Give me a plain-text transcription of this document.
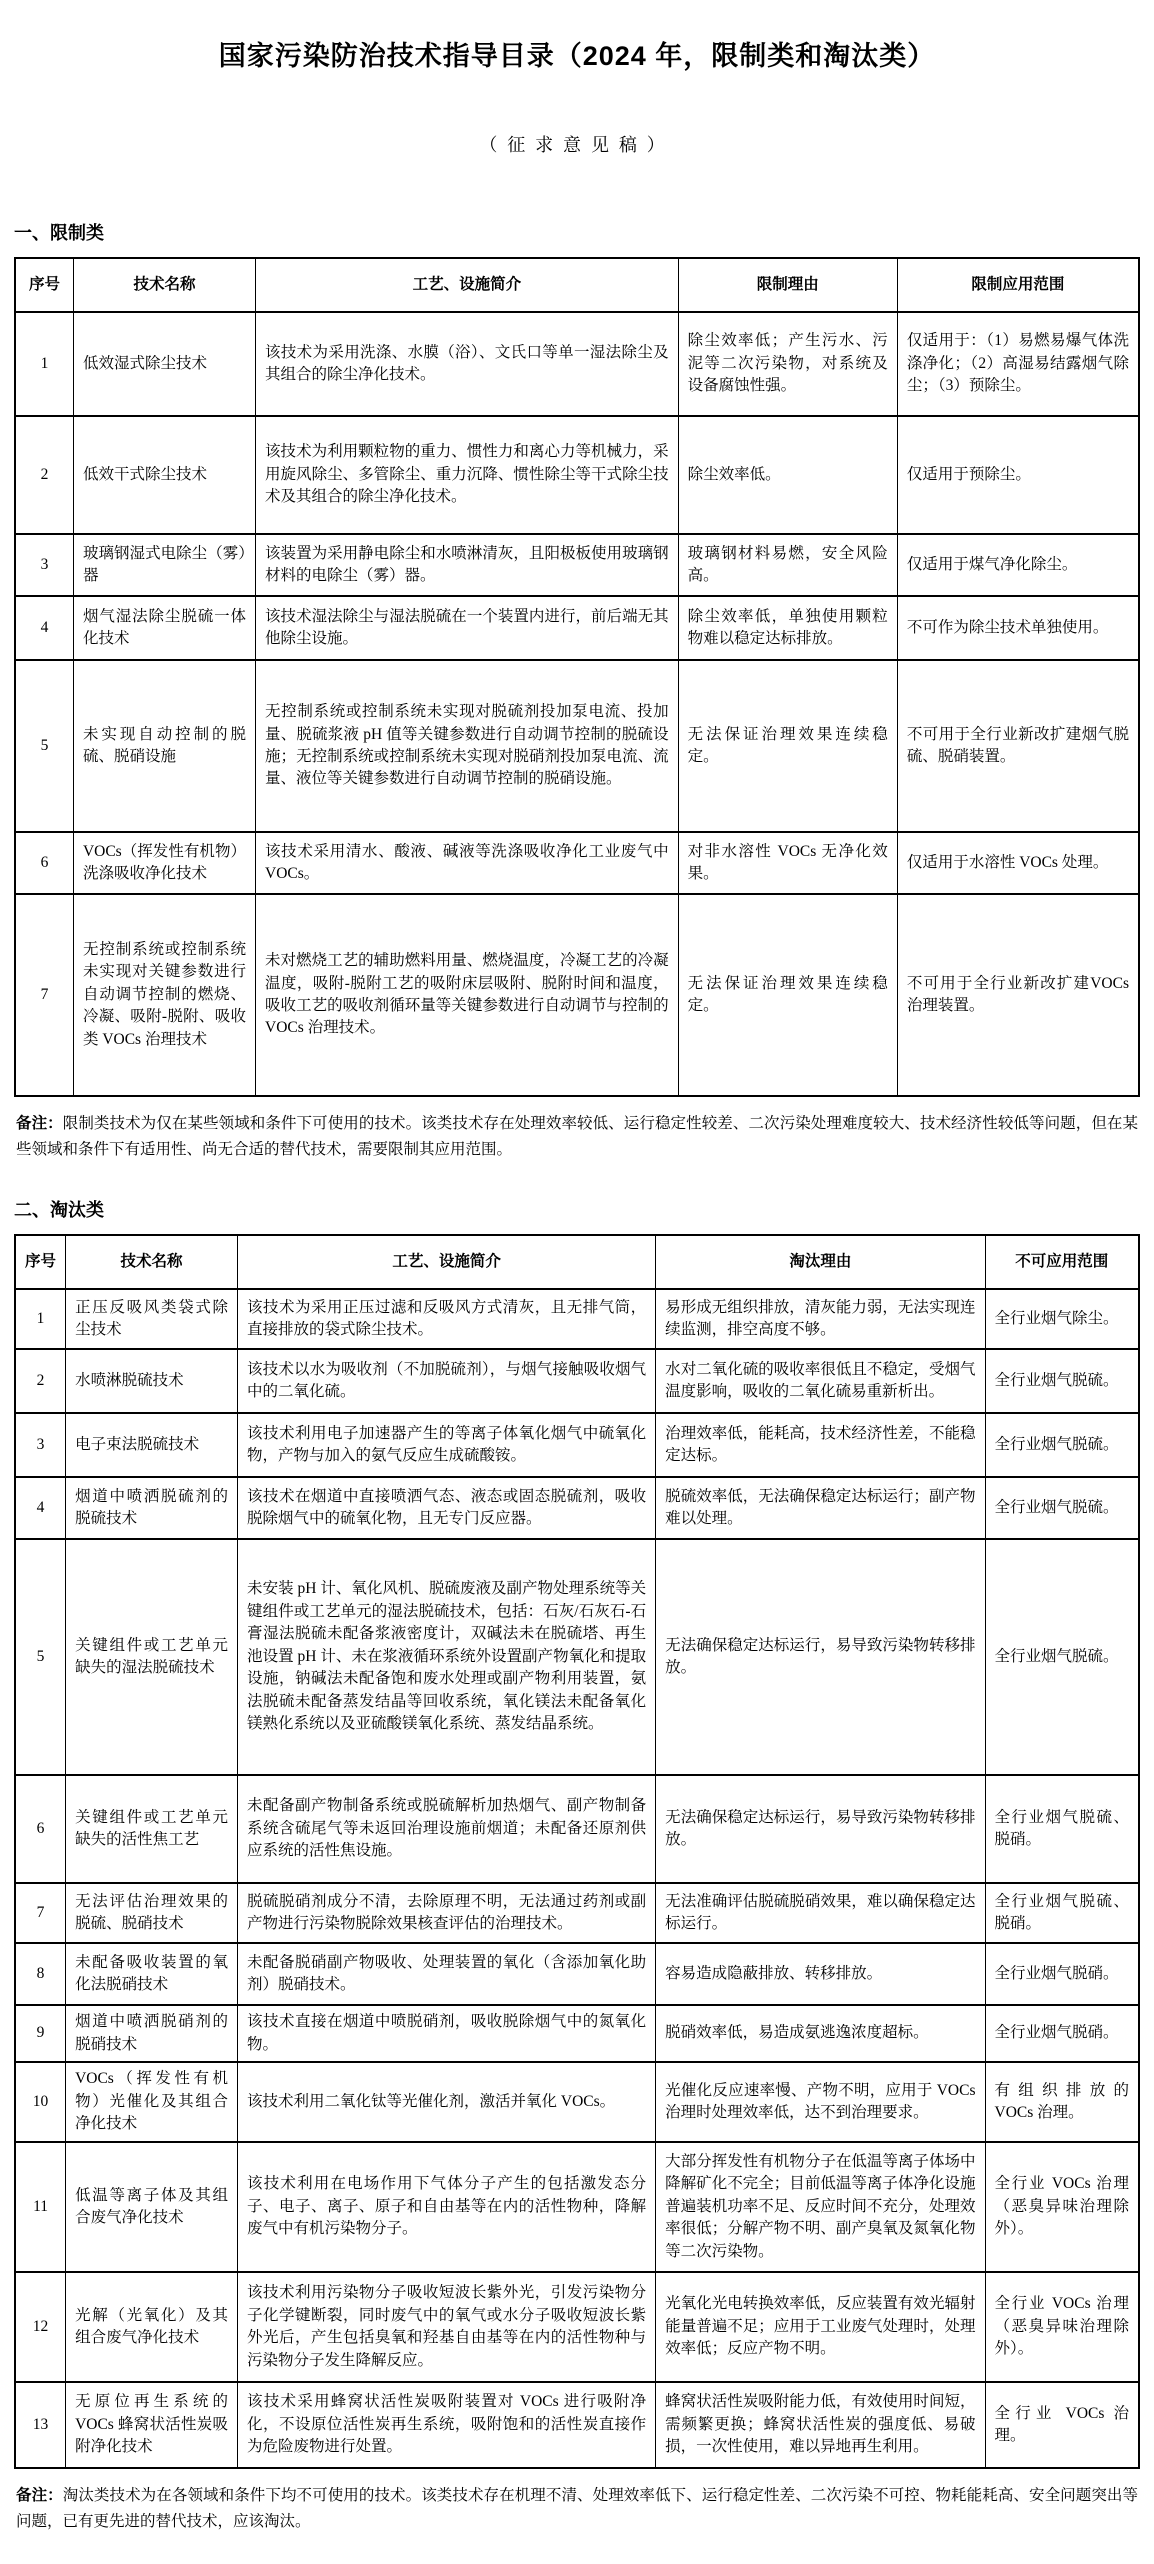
国家污染防治技术指导目录（2024 年，限制类和淘汰类）
（征求意见稿）
一、限制类
序号	技术名称	工艺、设施简介	限制理由	限制应用范围
1	低效湿式除尘技术	该技术为采用洗涤、水膜（浴）、文氏口等单一湿法除尘及其组合的除尘净化技术。	除尘效率低；产生污水、污泥等二次污染物，对系统及设备腐蚀性强。	仅适用于：（1）易燃易爆气体洗涤净化；（2）高湿易结露烟气除尘；（3）预除尘。
2	低效干式除尘技术	该技术为利用颗粒物的重力、惯性力和离心力等机械力，采用旋风除尘、多管除尘、重力沉降、惯性除尘等干式除尘技术及其组合的除尘净化技术。	除尘效率低。	仅适用于预除尘。
3	玻璃钢湿式电除尘（雾）器	该装置为采用静电除尘和水喷淋清灰，且阳极板使用玻璃钢材料的电除尘（雾）器。	玻璃钢材料易燃，安全风险高。	仅适用于煤气净化除尘。
4	烟气湿法除尘脱硫一体化技术	该技术湿法除尘与湿法脱硫在一个装置内进行，前后端无其他除尘设施。	除尘效率低，单独使用颗粒物难以稳定达标排放。	不可作为除尘技术单独使用。
5	未实现自动控制的脱硫、脱硝设施	无控制系统或控制系统未实现对脱硫剂投加泵电流、投加量、脱硫浆液 pH 值等关键参数进行自动调节控制的脱硫设施；无控制系统或控制系统未实现对脱硝剂投加泵电流、流量、液位等关键参数进行自动调节控制的脱硝设施。	无法保证治理效果连续稳定。	不可用于全行业新改扩建烟气脱硫、脱硝装置。
6	VOCs（挥发性有机物）洗涤吸收净化技术	该技术采用清水、酸液、碱液等洗涤吸收净化工业废气中 VOCs。	对非水溶性 VOCs 无净化效果。	仅适用于水溶性 VOCs 处理。
7	无控制系统或控制系统未实现对关键参数进行自动调节控制的燃烧、冷凝、吸附-脱附、吸收类 VOCs 治理技术	未对燃烧工艺的辅助燃料用量、燃烧温度，冷凝工艺的冷凝温度，吸附-脱附工艺的吸附床层吸附、脱附时间和温度，吸收工艺的吸收剂循环量等关键参数进行自动调节与控制的 VOCs 治理技术。	无法保证治理效果连续稳定。	不可用于全行业新改扩建VOCs 治理装置。

备注：限制类技术为仅在某些领域和条件下可使用的技术。该类技术存在处理效率较低、运行稳定性较差、二次污染处理难度较大、技术经济性较低等问题，但在某些领域和条件下有适用性、尚无合适的替代技术，需要限制其应用范围。

二、淘汰类
序号	技术名称	工艺、设施简介	淘汰理由	不可应用范围
1	正压反吸风类袋式除尘技术	该技术为采用正压过滤和反吸风方式清灰，且无排气筒，直接排放的袋式除尘技术。	易形成无组织排放，清灰能力弱，无法实现连续监测，排空高度不够。	全行业烟气除尘。
2	水喷淋脱硫技术	该技术以水为吸收剂（不加脱硫剂），与烟气接触吸收烟气中的二氧化硫。	水对二氧化硫的吸收率很低且不稳定，受烟气温度影响，吸收的二氧化硫易重新析出。	全行业烟气脱硫。
3	电子束法脱硫技术	该技术利用电子加速器产生的等离子体氧化烟气中硫氧化物，产物与加入的氨气反应生成硫酸铵。	治理效率低，能耗高，技术经济性差，不能稳定达标。	全行业烟气脱硫。
4	烟道中喷洒脱硫剂的脱硫技术	该技术在烟道中直接喷洒气态、液态或固态脱硫剂，吸收脱除烟气中的硫氧化物，且无专门反应器。	脱硫效率低，无法确保稳定达标运行；副产物难以处理。	全行业烟气脱硫。
5	关键组件或工艺单元缺失的湿法脱硫技术	未安装 pH 计、氧化风机、脱硫废液及副产物处理系统等关键组件或工艺单元的湿法脱硫技术，包括：石灰/石灰石-石膏湿法脱硫未配备浆液密度计，双碱法未在脱硫塔、再生池设置 pH 计、未在浆液循环系统外设置副产物氧化和提取设施，钠碱法未配备饱和废水处理或副产物利用装置，氨法脱硫未配备蒸发结晶等回收系统，氧化镁法未配备氧化镁熟化系统以及亚硫酸镁氧化系统、蒸发结晶系统。	无法确保稳定达标运行，易导致污染物转移排放。	全行业烟气脱硫。
6	关键组件或工艺单元缺失的活性焦工艺	未配备副产物制备系统或脱硫解析加热烟气、副产物制备系统含硫尾气等未返回治理设施前烟道；未配备还原剂供应系统的活性焦设施。	无法确保稳定达标运行，易导致污染物转移排放。	全行业烟气脱硫、脱硝。
7	无法评估治理效果的脱硫、脱硝技术	脱硫脱硝剂成分不清，去除原理不明，无法通过药剂或副产物进行污染物脱除效果核查评估的治理技术。	无法准确评估脱硫脱硝效果，难以确保稳定达标运行。	全行业烟气脱硫、脱硝。
8	未配备吸收装置的氧化法脱硝技术	未配备脱硝副产物吸收、处理装置的氧化（含添加氧化助剂）脱硝技术。	容易造成隐蔽排放、转移排放。	全行业烟气脱硝。
9	烟道中喷洒脱硝剂的脱硝技术	该技术直接在烟道中喷脱硝剂，吸收脱除烟气中的氮氧化物。	脱硝效率低，易造成氨逃逸浓度超标。	全行业烟气脱硝。
10	VOCs（挥发性有机物）光催化及其组合净化技术	该技术利用二氧化钛等光催化剂，激活并氧化 VOCs。	光催化反应速率慢、产物不明，应用于 VOCs 治理时处理效率低，达不到治理要求。	有组织排放的 VOCs 治理。
11	低温等离子体及其组合废气净化技术	该技术利用在电场作用下气体分子产生的包括激发态分子、电子、离子、原子和自由基等在内的活性物种，降解废气中有机污染物分子。	大部分挥发性有机物分子在低温等离子体场中降解矿化不完全；目前低温等离子体净化设施普遍装机功率不足、反应时间不充分，处理效率很低；分解产物不明、副产臭氧及氮氧化物等二次污染物。	全行业 VOCs 治理（恶臭异味治理除外）。
12	光解（光氧化）及其组合废气净化技术	该技术利用污染物分子吸收短波长紫外光，引发污染物分子化学键断裂，同时废气中的氧气或水分子吸收短波长紫外光后，产生包括臭氧和羟基自由基等在内的活性物种与污染物分子发生降解反应。	光氧化光电转换效率低，反应装置有效光辐射能量普遍不足；应用于工业废气处理时，处理效率低；反应产物不明。	全行业 VOCs 治理（恶臭异味治理除外）。
13	无原位再生系统的 VOCs 蜂窝状活性炭吸附净化技术	该技术采用蜂窝状活性炭吸附装置对 VOCs 进行吸附净化，不设原位活性炭再生系统，吸附饱和的活性炭直接作为危险废物进行处置。	蜂窝状活性炭吸附能力低，有效使用时间短，需频繁更换；蜂窝状活性炭的强度低、易破损，一次性使用，难以异地再生利用。	全行业 VOCs 治理。

备注：淘汰类技术为在各领域和条件下均不可使用的技术。该类技术存在机理不清、处理效率低下、运行稳定性差、二次污染不可控、物耗能耗高、安全问题突出等问题，已有更先进的替代技术，应该淘汰。
